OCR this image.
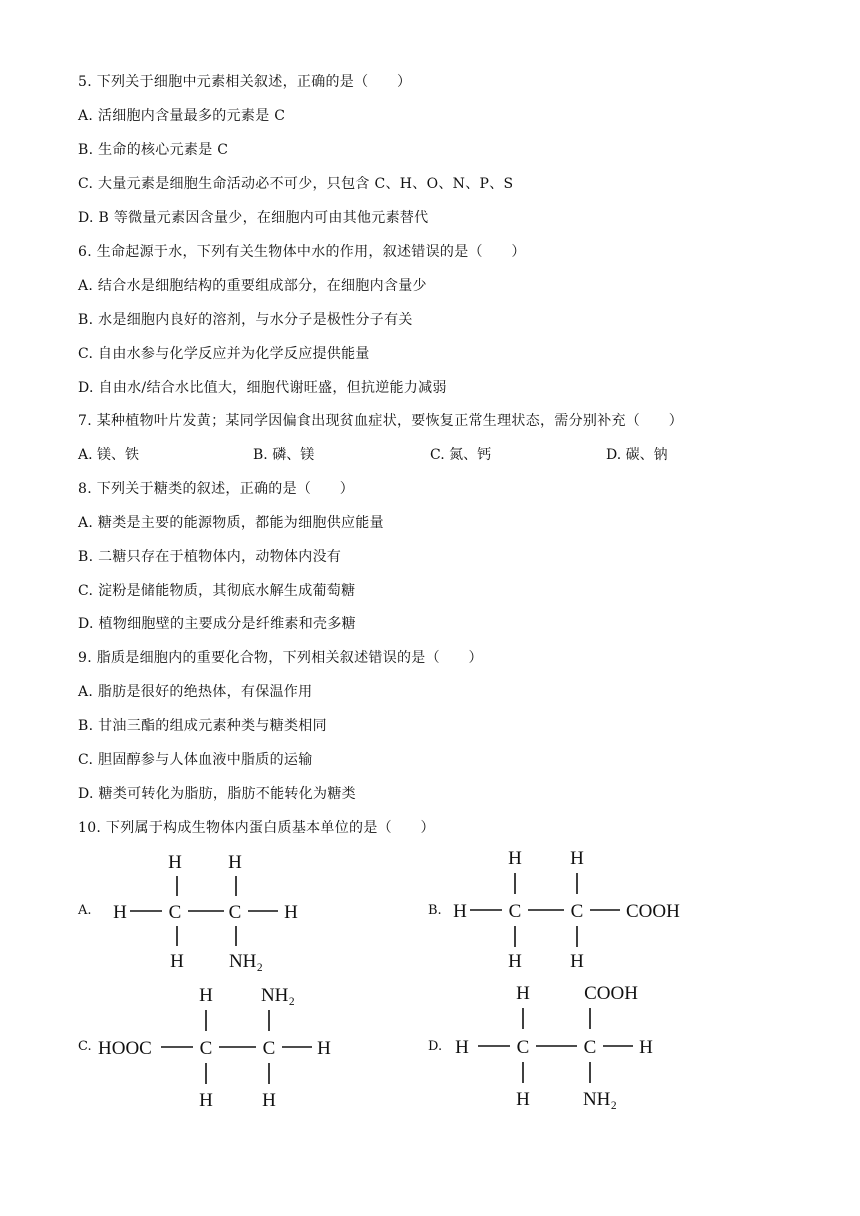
5. 下列关于细胞中元素相关叙述，正确的是（　　）
A. 活细胞内含量最多的元素是 C
B. 生命的核心元素是 C
C. 大量元素是细胞生命活动必不可少，只包含 C、H、O、N、P、S
D. B 等微量元素因含量少，在细胞内可由其他元素替代
6. 生命起源于水，下列有关生物体中水的作用，叙述错误的是（　　）
A. 结合水是细胞结构的重要组成部分，在细胞内含量少
B. 水是细胞内良好的溶剂，与水分子是极性分子有关
C. 自由水参与化学反应并为化学反应提供能量
D. 自由水/结合水比值大，细胞代谢旺盛，但抗逆能力减弱
7. 某种植物叶片发黄；某同学因偏食出现贫血症状，要恢复正常生理状态，需分别补充（　　）
A. 镁、铁	B. 磷、镁	C. 氮、钙	D. 碳、钠
8. 下列关于糖类的叙述，正确的是（　　）
A. 糖类是主要的能源物质，都能为细胞供应能量
B. 二糖只存在于植物体内，动物体内没有
C. 淀粉是储能物质，其彻底水解生成葡萄糖
D. 植物细胞壁的主要成分是纤维素和壳多糖
9. 脂质是细胞内的重要化合物，下列相关叙述错误的是（　　）
A. 脂肪是很好的绝热体，有保温作用
B. 甘油三酯的组成元素种类与糖类相同
C. 胆固醇参与人体血液中脂质的运输
D. 糖类可转化为脂肪，脂肪不能转化为糖类
10. 下列属于构成生物体内蛋白质基本单位的是（　　）
A.
H H
H C C H
H NH₂
B.
H	H
H C	C COOH
H	H
C.
H	NH₂
HOOC	C	C H
H	H
D.
H	COOH
H	C	C H
H	NH₂
